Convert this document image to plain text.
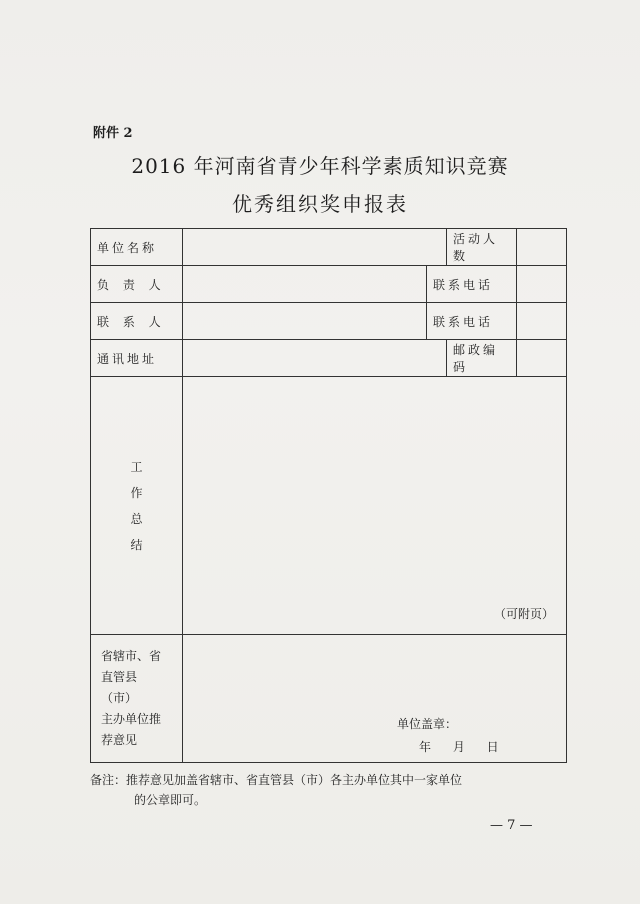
附件 2
2016 年河南省青少年科学素质知识竞赛
优秀组织奖申报表
单位名称			活动人数	
负 责 人		联系电话		
联 系 人		联系电话		
通讯地址			邮政编码	
工
作
总
结	（可附页）			

省辖市、省
直管县（市）
主办单位推
荐意见	单位盖章：
年 月 日			
备注：推荐意见加盖省辖市、省直管县（市）各主办单位其中一家单位
的公章即可。
— 7 —
